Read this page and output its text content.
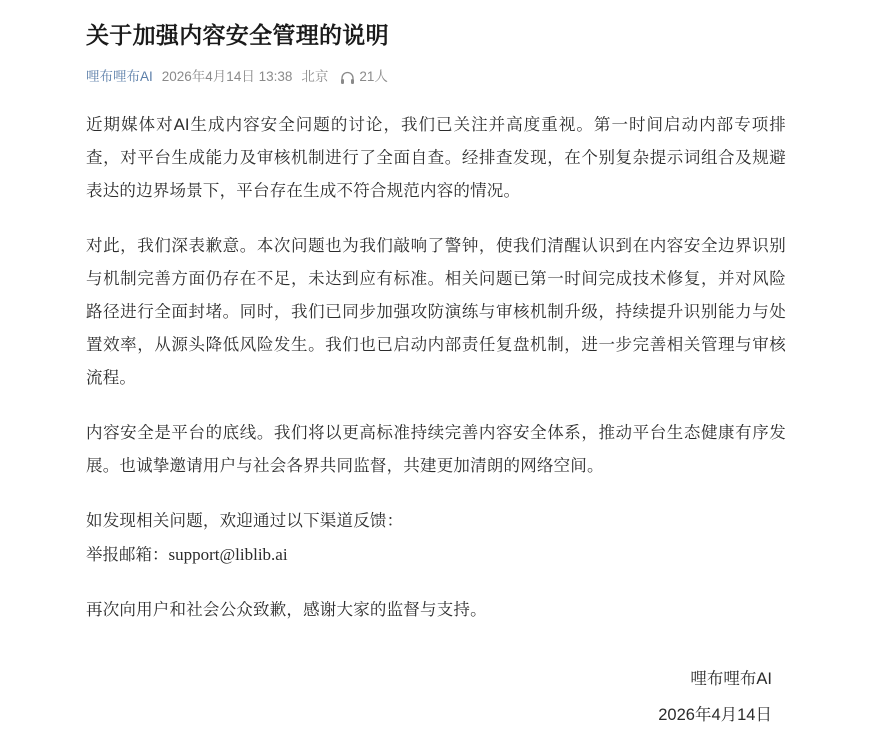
关于加强内容安全管理的说明
哩布哩布AI 2026年4月14日 13:38 北京 21人

近期媒体对AI生成内容安全问题的讨论，我们已关注并高度重视。第一时间启动内部专项排查，对平台生成能力及审核机制进行了全面自查。经排查发现，在个别复杂提示词组合及规避表达的边界场景下，平台存在生成不符合规范内容的情况。

对此，我们深表歉意。本次问题也为我们敲响了警钟，使我们清醒认识到在内容安全边界识别与机制完善方面仍存在不足，未达到应有标准。相关问题已第一时间完成技术修复，并对风险路径进行全面封堵。同时，我们已同步加强攻防演练与审核机制升级，持续提升识别能力与处置效率，从源头降低风险发生。我们也已启动内部责任复盘机制，进一步完善相关管理与审核流程。

内容安全是平台的底线。我们将以更高标准持续完善内容安全体系，推动平台生态健康有序发展。也诚挚邀请用户与社会各界共同监督，共建更加清朗的网络空间。

如发现相关问题，欢迎通过以下渠道反馈：

举报邮箱：support@liblib.ai

再次向用户和社会公众致歉，感谢大家的监督与支持。

哩布哩布AI
2026年4月14日
